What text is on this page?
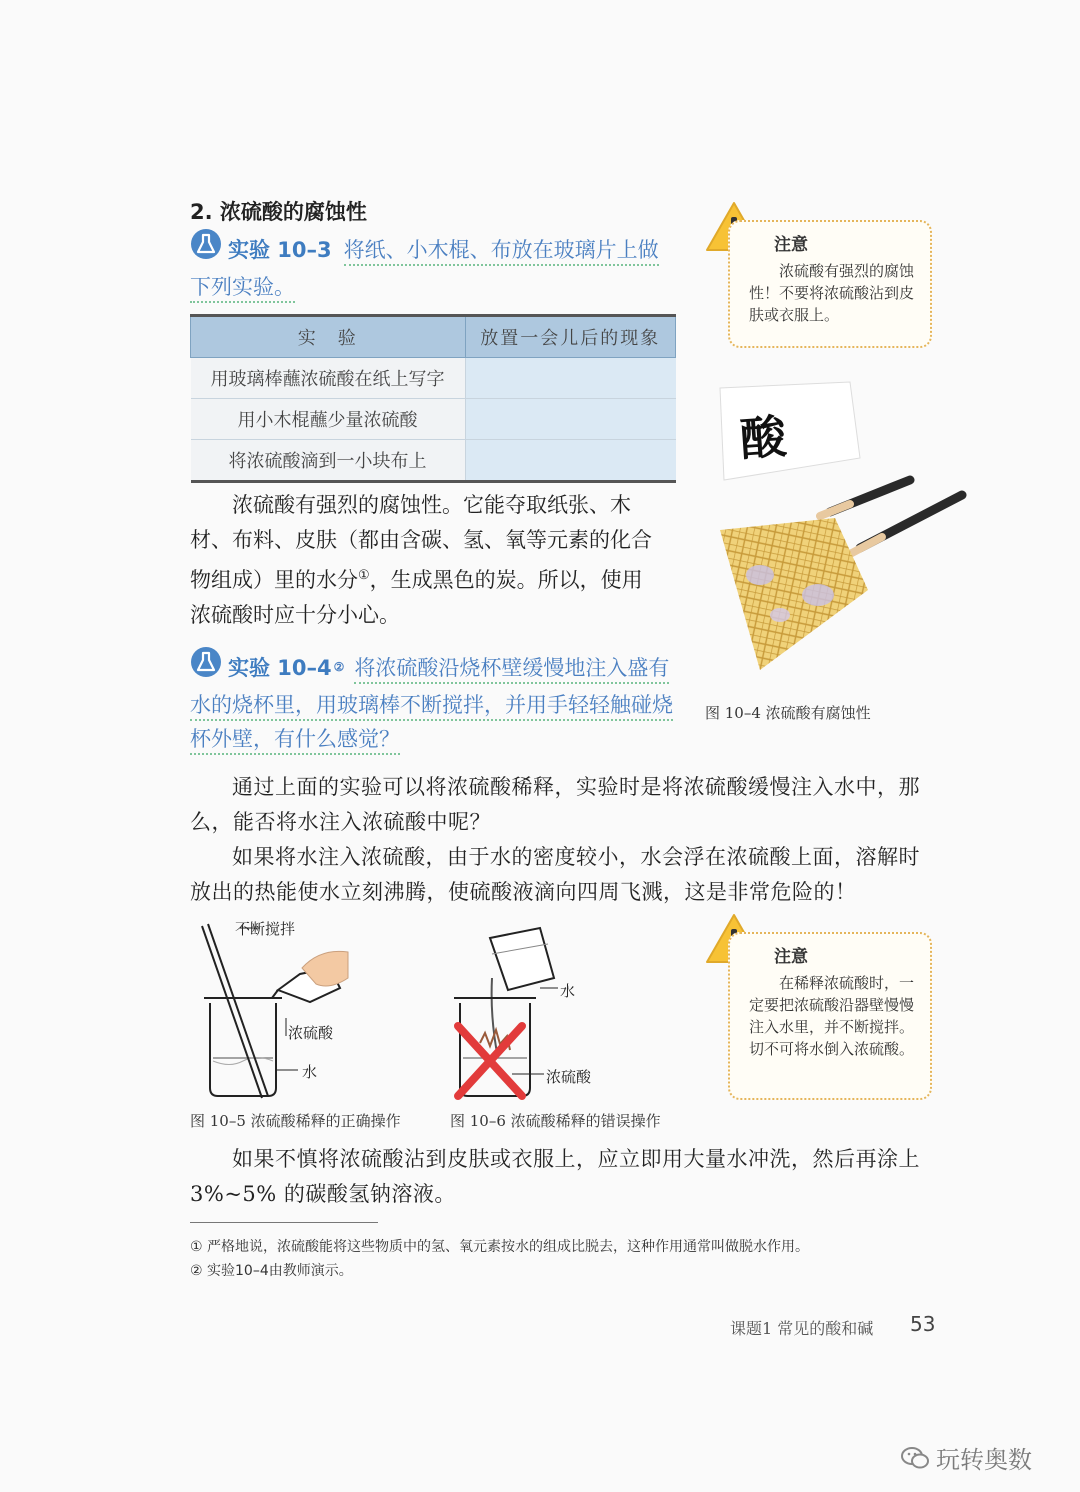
2. 浓硫酸的腐蚀性
实验 10–3 将纸、小木棍、布放在玻璃片上做
下列实验。
实　验	放置一会儿后的现象
用玻璃棒蘸浓硫酸在纸上写字	
用小木棍蘸少量浓硫酸	
将浓硫酸滴到一小块布上	
浓硫酸有强烈的腐蚀性。它能夺取纸张、木
材、布料、皮肤（都由含碳、氢、氧等元素的化合
物组成）里的水分①，生成黑色的炭。所以，使用
浓硫酸时应十分小心。
实验 10–4 ② 将浓硫酸沿烧杯壁缓慢地注入盛有
水的烧杯里，用玻璃棒不断搅拌，并用手轻轻触碰烧
杯外壁，有什么感觉？
注意

浓硫酸有强烈的腐蚀性！不要将浓硫酸沾到皮肤或衣服上。

酸
图 10–4 浓硫酸有腐蚀性

通过上面的实验可以将浓硫酸稀释，实验时是将浓硫酸缓慢注入水中，那么，能否将水注入浓硫酸中呢？

如果将水注入浓硫酸，由于水的密度较小，水会浮在浓硫酸上面，溶解时放出的热能使水立刻沸腾，使硫酸液滴向四周飞溅，这是非常危险的！

不断搅拌
浓硫酸
水
图 10–5 浓硫酸稀释的正确操作
水
浓硫酸
图 10–6 浓硫酸稀释的错误操作
注意

在稀释浓硫酸时，一定要把浓硫酸沿器壁慢慢注入水里，并不断搅拌。切不可将水倒入浓硫酸。

如果不慎将浓硫酸沾到皮肤或衣服上，应立即用大量水冲洗，然后再涂上 3%~5% 的碳酸氢钠溶液。

① 严格地说，浓硫酸能将这些物质中的氢、氧元素按水的组成比脱去，这种作用通常叫做脱水作用。
② 实验10–4由教师演示。
课题1 常见的酸和碱 53
玩转奥数
